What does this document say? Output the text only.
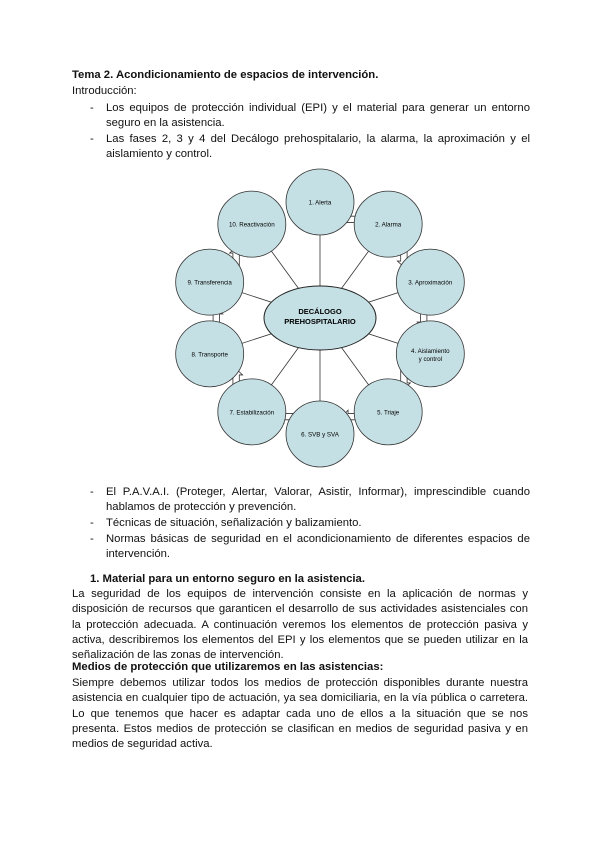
Tema 2. Acondicionamiento de espacios de intervención.
Introducción:
- Los equipos de protección individual (EPI) y el material para generar un entorno seguro en la asistencia.
- Las fases 2, 3 y 4 del Decálogo prehospitalario, la alarma, la aproximación y el aislamiento y control.
1. Alerta
2. Alarma
3. Aproximación
4. Aislamiento
y control
5. Triaje
6. SVB y SVA
7. Estabilización
8. Transporte
9. Transferencia
10. Reactivación
DECÁLOGO
PREHOSPITALARIO
- El P.A.V.A.I. (Proteger, Alertar, Valorar, Asistir, Informar), imprescindible cuando hablamos de protección y prevención.
- Técnicas de situación, señalización y balizamiento.
- Normas básicas de seguridad en el acondicionamiento de diferentes espacios de intervención.
1. Material para un entorno seguro en la asistencia.
La seguridad de los equipos de intervención consiste en la aplicación de normas y disposición de recursos que garanticen el desarrollo de sus actividades asistenciales con la protección adecuada. A continuación veremos los elementos de protección pasiva y activa, describiremos los elementos del EPI y los elementos que se pueden utilizar en la señalización de las zonas de intervención.
Medios de protección que utilizaremos en las asistencias:
Siempre debemos utilizar todos los medios de protección disponibles durante nuestra asistencia en cualquier tipo de actuación, ya sea domiciliaria, en la vía pública o carretera. Lo que tenemos que hacer es adaptar cada uno de ellos a la situación que se nos presenta. Estos medios de protección se clasifican en medios de seguridad pasiva y en medios de seguridad activa.
